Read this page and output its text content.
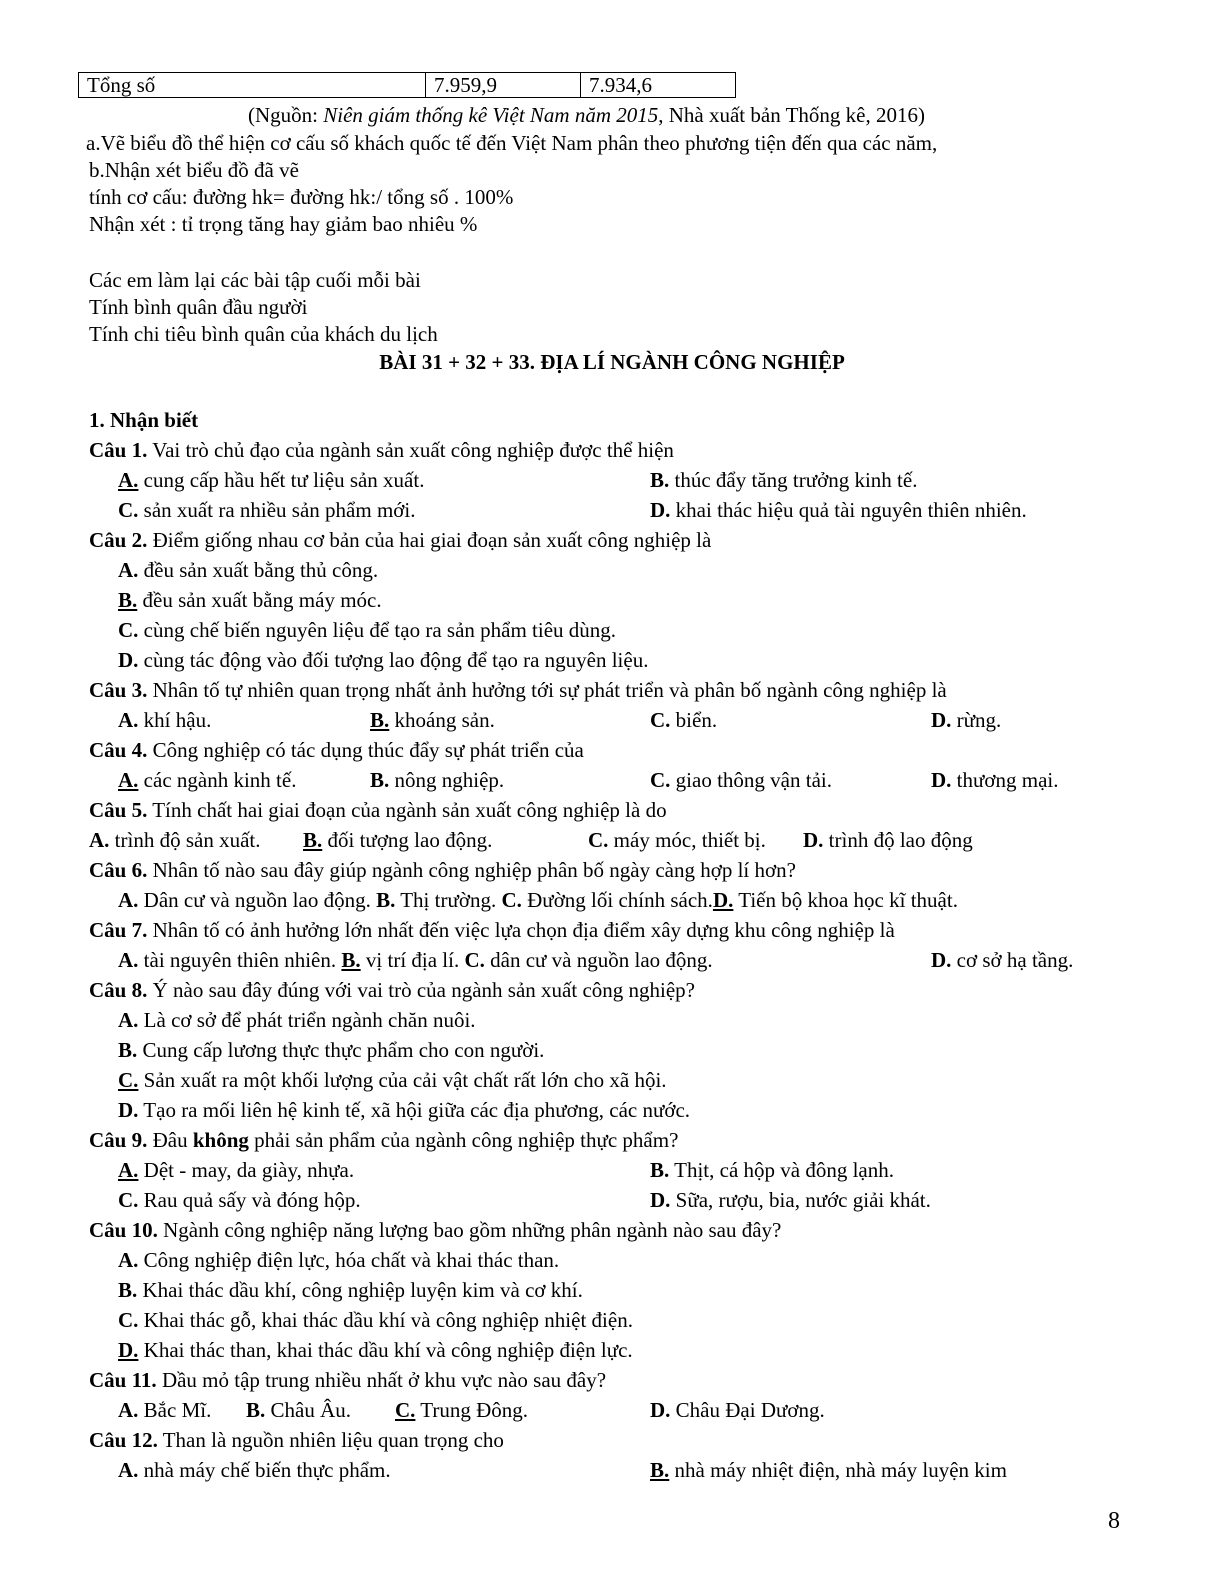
Tổng số	7.959,9	7.934,6
(Nguồn: Niên giám thống kê Việt Nam năm 2015, Nhà xuất bản Thống kê, 2016)
a.Vẽ biểu đồ thể hiện cơ cấu số khách quốc tế đến Việt Nam phân theo phương tiện đến qua các năm,
b.Nhận xét biểu đồ đã vẽ
tính cơ cấu: đường hk= đường hk:/ tổng số . 100%
Nhận xét : tỉ trọng tăng hay giảm bao nhiêu %
Các em làm lại các bài tập cuối mỗi bài
Tính bình quân đầu người
Tính chi tiêu bình quân của khách du lịch
BÀI 31 + 32 + 33. ĐỊA LÍ NGÀNH CÔNG NGHIỆP
1. Nhận biết
Câu 1. Vai trò chủ đạo của ngành sản xuất công nghiệp được thể hiện
A. cung cấp hầu hết tư liệu sản xuất.	B. thúc đẩy tăng trưởng kinh tế.
C. sản xuất ra nhiều sản phẩm mới.	D. khai thác hiệu quả tài nguyên thiên nhiên.
Câu 2. Điểm giống nhau cơ bản của hai giai đoạn sản xuất công nghiệp là
A. đều sản xuất bằng thủ công.
B. đều sản xuất bằng máy móc.
C. cùng chế biến nguyên liệu để tạo ra sản phẩm tiêu dùng.
D. cùng tác động vào đối tượng lao động để tạo ra nguyên liệu.
Câu 3. Nhân tố tự nhiên quan trọng nhất ảnh hưởng tới sự phát triển và phân bố ngành công nghiệp là
A. khí hậu.	B. khoáng sản.	C. biển.	D. rừng.
Câu 4. Công nghiệp có tác dụng thúc đẩy sự phát triển của
A. các ngành kinh tế.	B. nông nghiệp.	C. giao thông vận tải.	D. thương mại.
Câu 5. Tính chất hai giai đoạn của ngành sản xuất công nghiệp là do
A. trình độ sản xuất. B. đối tượng lao động.	C. máy móc, thiết bị. D. trình độ lao động
Câu 6. Nhân tố nào sau đây giúp ngành công nghiệp phân bố ngày càng hợp lí hơn?
A. Dân cư và nguồn lao động. B. Thị trường. C. Đường lối chính sách.D. Tiến bộ khoa học kĩ thuật.
Câu 7. Nhân tố có ảnh hưởng lớn nhất đến việc lựa chọn địa điểm xây dựng khu công nghiệp là
A. tài nguyên thiên nhiên. B. vị trí địa lí. C. dân cư và nguồn lao động.	D. cơ sở hạ tầng.
Câu 8. Ý nào sau đây đúng với vai trò của ngành sản xuất công nghiệp?
A. Là cơ sở để phát triển ngành chăn nuôi.
B. Cung cấp lương thực thực phẩm cho con người.
C. Sản xuất ra một khối lượng của cải vật chất rất lớn cho xã hội.
D. Tạo ra mối liên hệ kinh tế, xã hội giữa các địa phương, các nước.
Câu 9. Đâu không phải sản phẩm của ngành công nghiệp thực phẩm?
A. Dệt - may, da giày, nhựa.	B. Thịt, cá hộp và đông lạnh.
C. Rau quả sấy và đóng hộp.	D. Sữa, rượu, bia, nước giải khát.
Câu 10. Ngành công nghiệp năng lượng bao gồm những phân ngành nào sau đây?
A. Công nghiệp điện lực, hóa chất và khai thác than.
B. Khai thác dầu khí, công nghiệp luyện kim và cơ khí.
C. Khai thác gỗ, khai thác dầu khí và công nghiệp nhiệt điện.
D. Khai thác than, khai thác dầu khí và công nghiệp điện lực.
Câu 11. Dầu mỏ tập trung nhiều nhất ở khu vực nào sau đây?
A. Bắc Mĩ. B. Châu Âu. C. Trung Đông.	D. Châu Đại Dương.
Câu 12. Than là nguồn nhiên liệu quan trọng cho
A. nhà máy chế biến thực phẩm.	B. nhà máy nhiệt điện, nhà máy luyện kim
8
